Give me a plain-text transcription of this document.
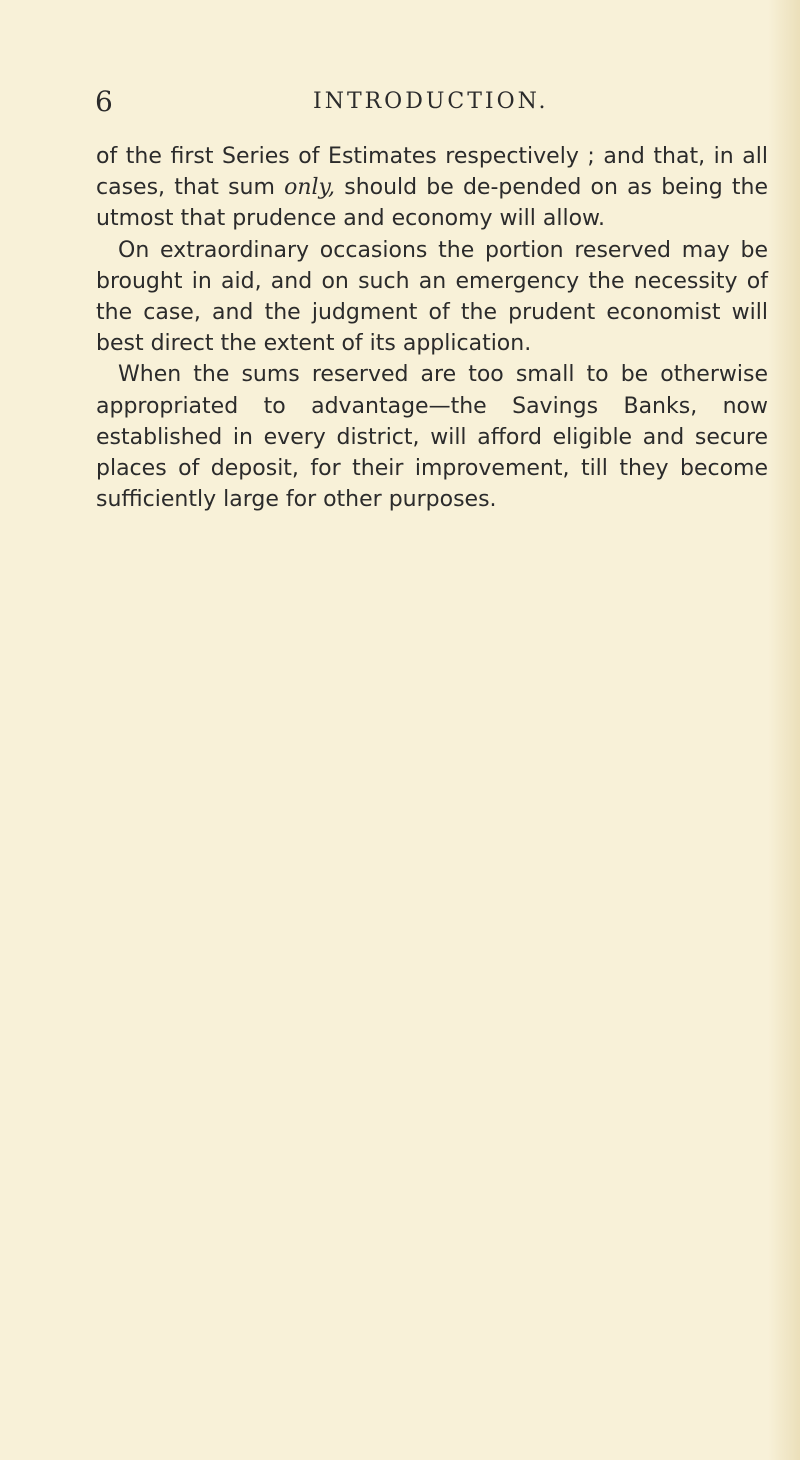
6	INTRODUCTION.

of the first Series of Estimates respectively ; and that, in all cases, that sum only, should be de-pended on as being the utmost that prudence and economy will allow.

On extraordinary occasions the portion reserved may be brought in aid, and on such an emergency the necessity of the case, and the judgment of the prudent economist will best direct the extent of its application.

When the sums reserved are too small to be otherwise appropriated to advantage—the Savings Banks, now established in every district, will afford eligible and secure places of deposit, for their improvement, till they become sufficiently large for other purposes.
